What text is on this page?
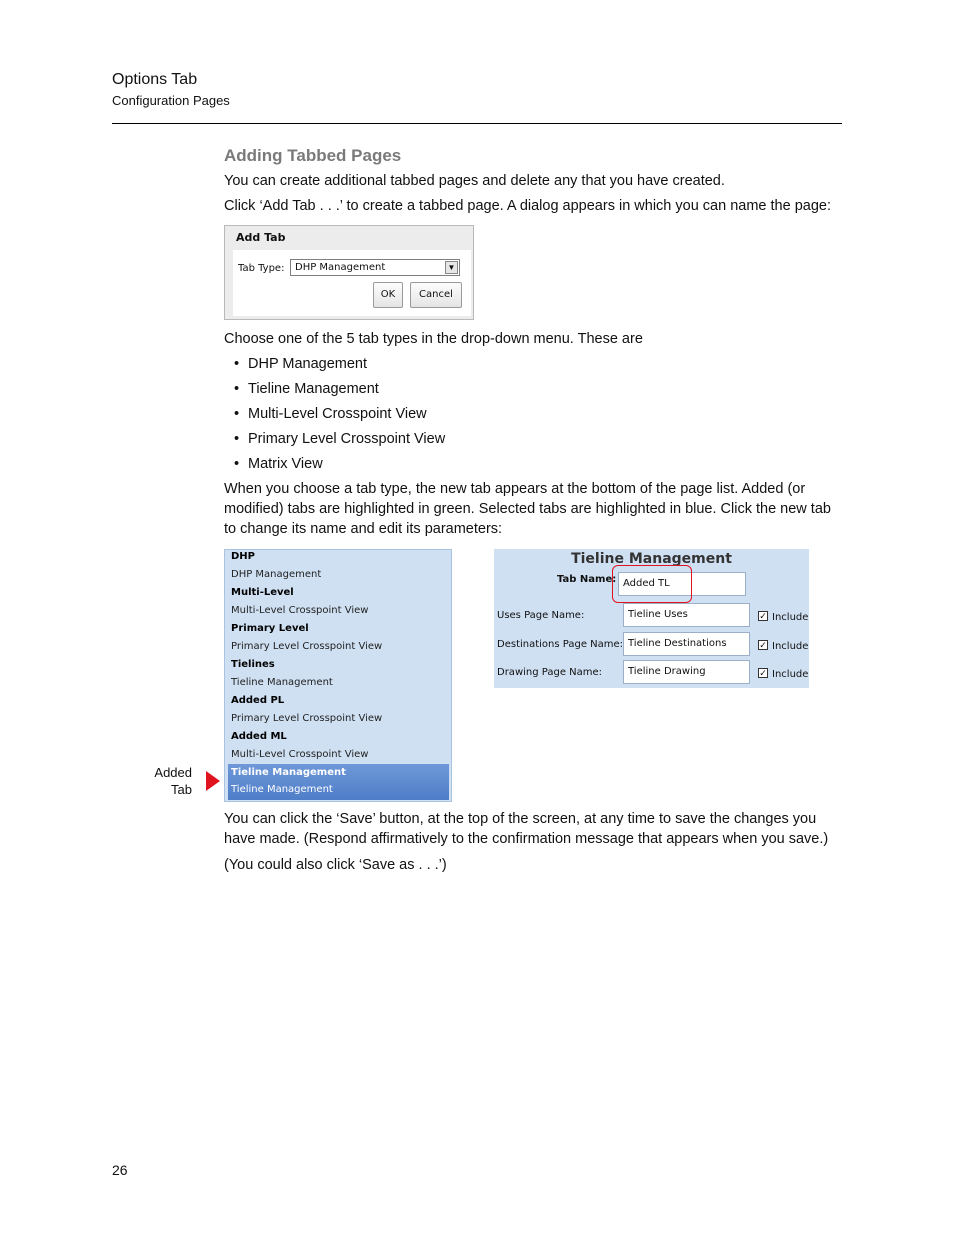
Options Tab
Configuration Pages
Adding Tabbed Pages
You can create additional tabbed pages and delete any that you have created.
Click ‘Add Tab . . .’ to create a tabbed page. A dialog appears in which you can name the page:
Add Tab
Tab Type: DHP Management	▼
OK	Cancel
Choose one of the 5 tab types in the drop-down menu. These are
• DHP Management
• Tieline Management
• Multi-Level Crosspoint View
• Primary Level Crosspoint View
• Matrix View
When you choose a tab type, the new tab appears at the bottom of the page list. Added (or modified) tabs are highlighted in green. Selected tabs are highlighted in blue. Click the new tab to change its name and edit its parameters:
DHP
DHP Management
Multi-Level
Multi-Level Crosspoint View
Primary Level
Primary Level Crosspoint View
Tielines
Tieline Management
Added PL
Primary Level Crosspoint View
Added ML
Multi-Level Crosspoint View
Tieline Management
Tieline Management
Added
Tab
Tieline Management
Tab Name: Added TL
Uses Page Name:	Tieline Uses	✓ Include
Destinations Page Name: Tieline Destinations	✓ Include
Drawing Page Name:	Tieline Drawing	✓ Include
You can click the ‘Save’ button, at the top of the screen, at any time to save the changes you have made. (Respond affirmatively to the confirmation message that appears when you save.)
(You could also click ‘Save as . . .’)
26
